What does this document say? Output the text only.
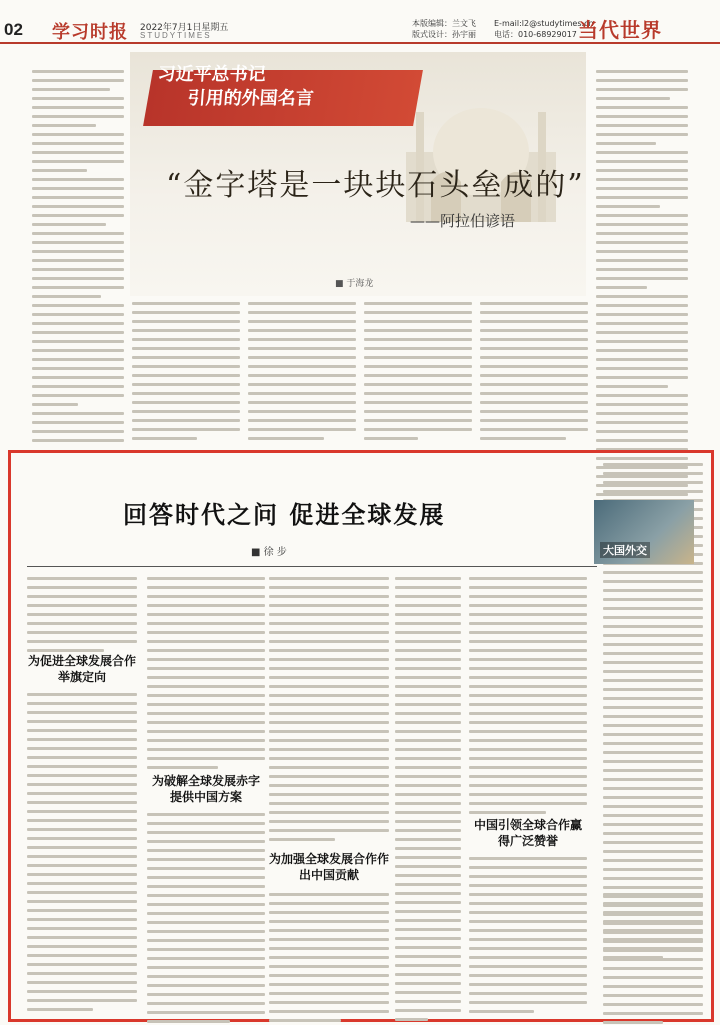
02 学习时报 2022年7月1日星期五
STUDYTIMES
本版编辑：兰文飞
版式设计：孙宇丽
E-mail:l2@studytimes.cn
电话：010-68929017 当代世界
习近平总书记
引用的外国名言
“金字塔是一块块石头垒成的”
——阿拉伯谚语
■ 于海龙
回答时代之问 促进全球发展
■ 徐 步
为促进全球发展合作举旗定向
为破解全球发展赤字提供中国方案
为加强全球发展合作作出中国贡献
中国引领全球合作赢得广泛赞誉
大国外交
